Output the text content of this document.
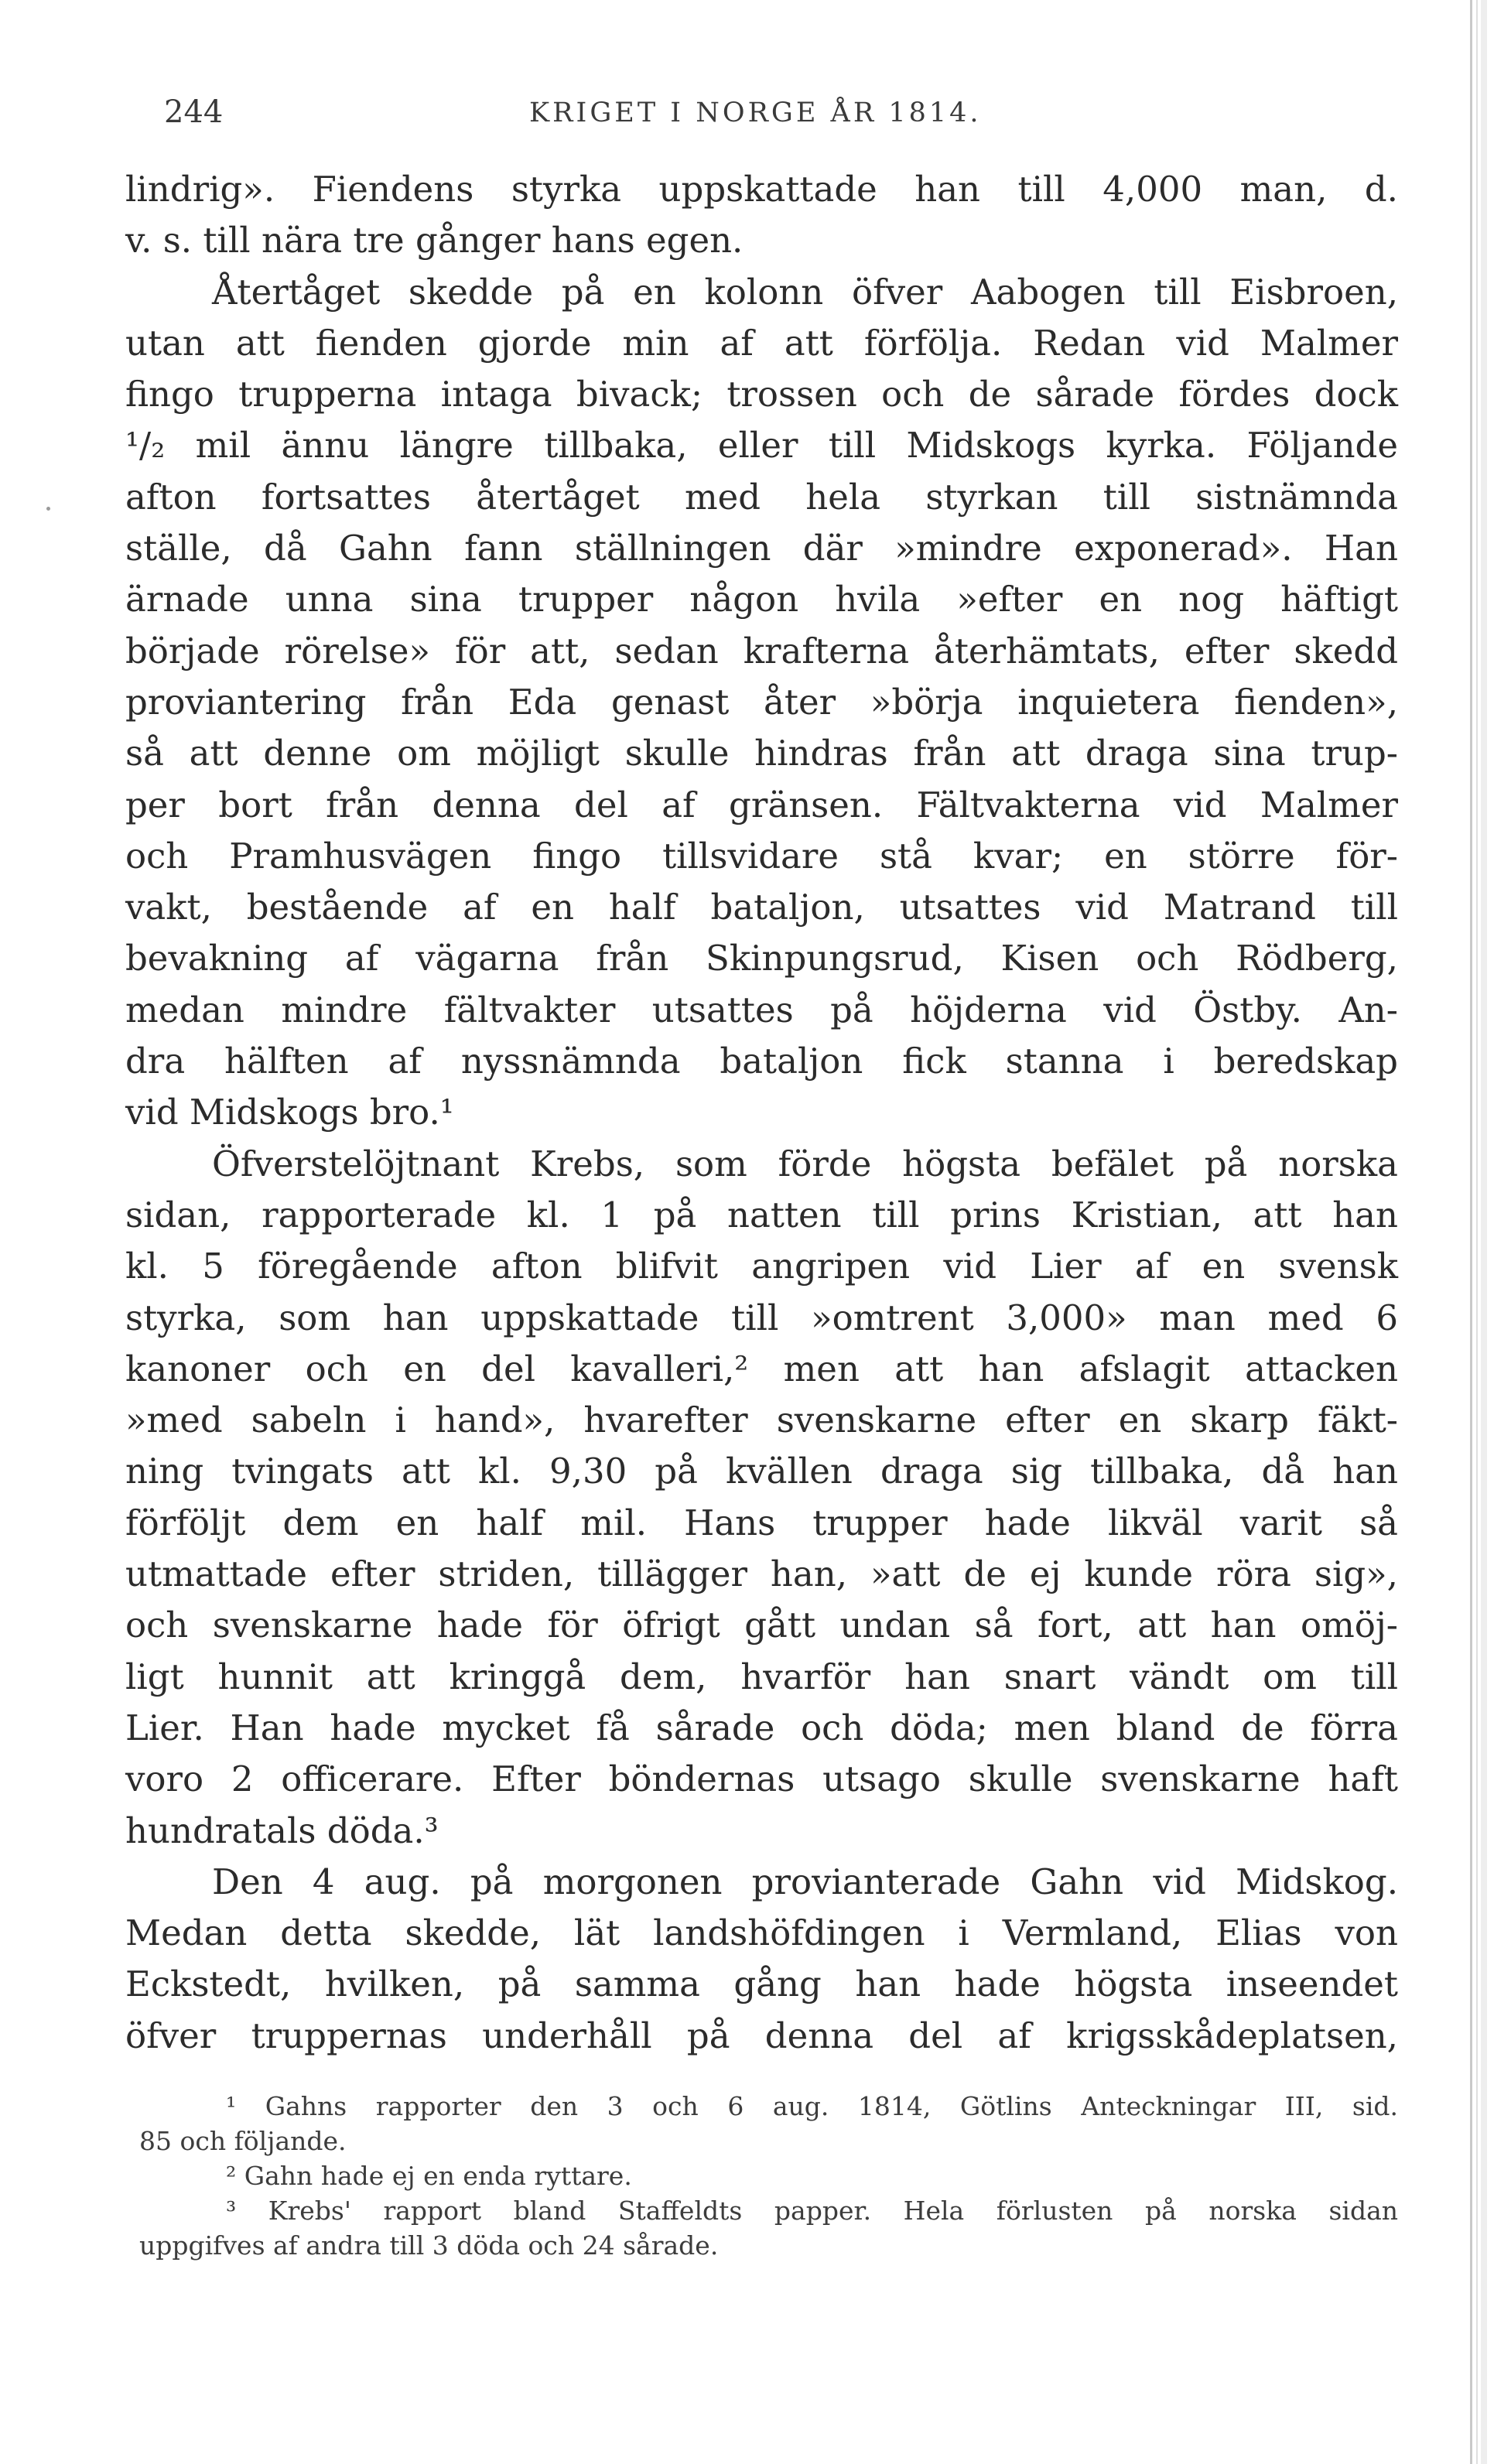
244	KRIGET I NORGE ÅR 1814.
lindrig». Fiendens styrka uppskattade han till 4,000 man, d.
v. s. till nära tre gånger hans egen.
Återtåget skedde på en kolonn öfver Aabogen till Eisbroen,
utan att fienden gjorde min af att förfölja. Redan vid Malmer
fingo trupperna intaga bivack; trossen och de sårade fördes dock
¹/₂ mil ännu längre tillbaka, eller till Midskogs kyrka. Följande
afton fortsattes återtåget med hela styrkan till sistnämnda
ställe, då Gahn fann ställningen där »mindre exponerad». Han
ärnade unna sina trupper någon hvila »efter en nog häftigt
började rörelse» för att, sedan krafterna återhämtats, efter skedd
proviantering från Eda genast åter »börja inquietera fienden»,
så att denne om möjligt skulle hindras från att draga sina trup-
per bort från denna del af gränsen. Fältvakterna vid Malmer
och Pramhusvägen fingo tillsvidare stå kvar; en större för-
vakt, bestående af en half bataljon, utsattes vid Matrand till
bevakning af vägarna från Skinpungsrud, Kisen och Rödberg,
medan mindre fältvakter utsattes på höjderna vid Östby. An-
dra hälften af nyssnämnda bataljon fick stanna i beredskap
vid Midskogs bro.¹
Öfverstelöjtnant Krebs, som förde högsta befälet på norska
sidan, rapporterade kl. 1 på natten till prins Kristian, att han
kl. 5 föregående afton blifvit angripen vid Lier af en svensk
styrka, som han uppskattade till »omtrent 3,000» man med 6
kanoner och en del kavalleri,² men att han afslagit attacken
»med sabeln i hand», hvarefter svenskarne efter en skarp fäkt-
ning tvingats att kl. 9,30 på kvällen draga sig tillbaka, då han
förföljt dem en half mil. Hans trupper hade likväl varit så
utmattade efter striden, tillägger han, »att de ej kunde röra sig»,
och svenskarne hade för öfrigt gått undan så fort, att han omöj-
ligt hunnit att kringgå dem, hvarför han snart vändt om till
Lier. Han hade mycket få sårade och döda; men bland de förra
voro 2 officerare. Efter böndernas utsago skulle svenskarne haft
hundratals döda.³
Den 4 aug. på morgonen provianterade Gahn vid Midskog.
Medan detta skedde, lät landshöfdingen i Vermland, Elias von
Eckstedt, hvilken, på samma gång han hade högsta inseendet
öfver truppernas underhåll på denna del af krigsskådeplatsen,
¹ Gahns rapporter den 3 och 6 aug. 1814, Götlins Anteckningar III, sid.
85 och följande.
² Gahn hade ej en enda ryttare.
³ Krebs' rapport bland Staffeldts papper. Hela förlusten på norska sidan
uppgifves af andra till 3 döda och 24 sårade.
